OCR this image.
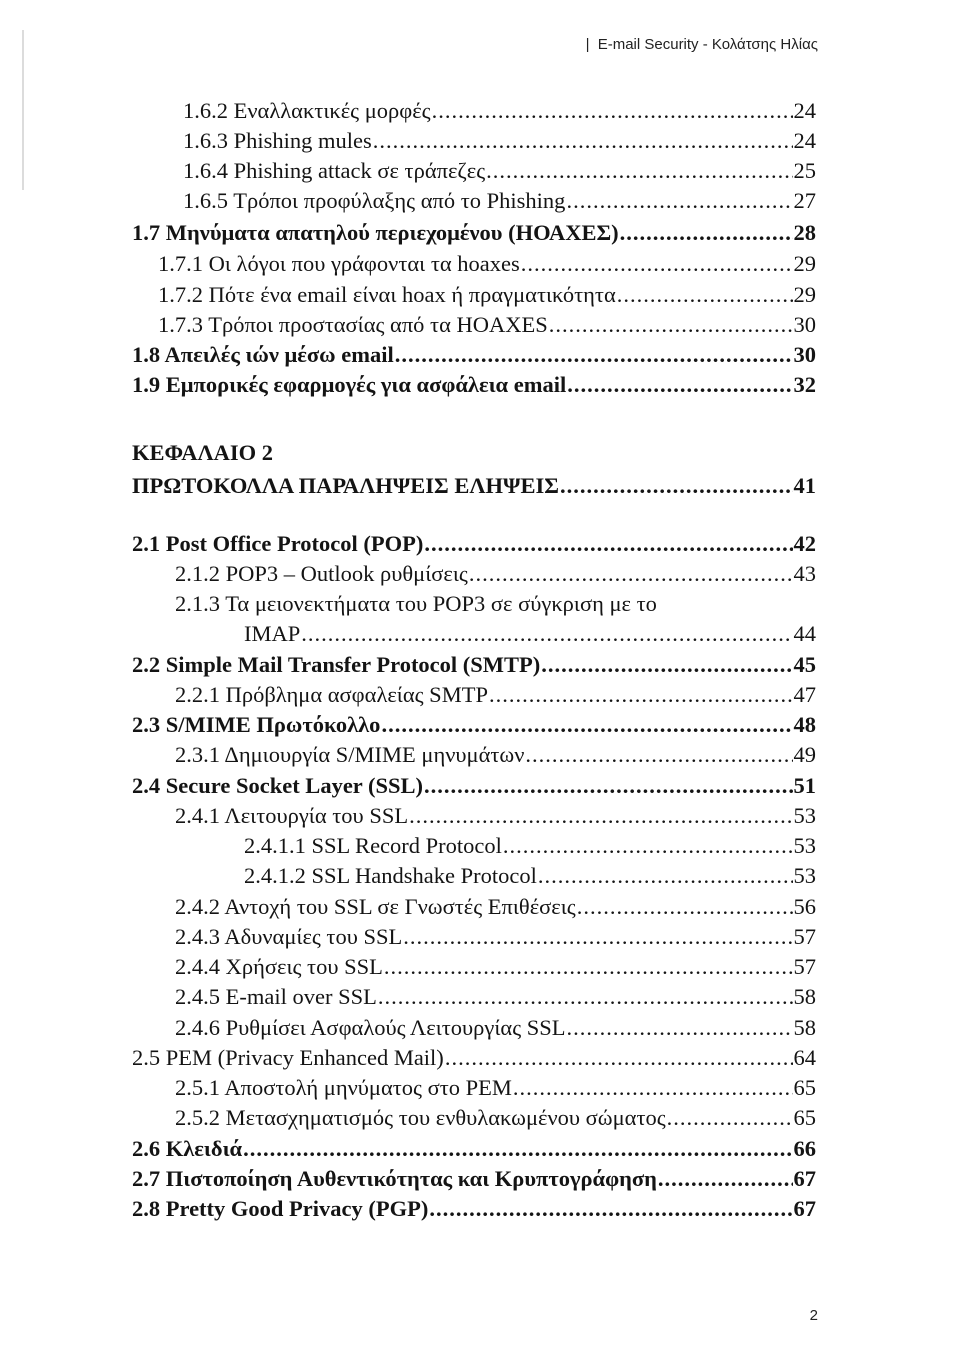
| E-mail Security - Κολάτσης Ηλίας
ΚΕΦΑΛΑΙΟ 2
1.6.2 Εναλλακτικές μορφές .....	24
1.6.3 Phishing mules .....	24
1.6.4 Phishing attack σε τράπεζες .....	25
1.6.5 Τρόποι προφύλαξης από το Phishing .....	27
1.7 Μηνύματα απατηλού περιεχομένου (ΗΟΑΧΕΣ) .....	28
1.7.1 Οι λόγοι που γράφονται τα hoaxes .....	29
1.7.2 Πότε ένα email είναι hoax ή πραγματικότητα .....	29
1.7.3 Τρόποι προστασίας από τα HOAXES .....	30
1.8 Απειλές ιών μέσω email .....	30
1.9 Εμπορικές εφαρμογές για ασφάλεια email .....	32
ΠΡΩΤΟΚΟΛΛΑ ΠΑΡΑΛΗΨΕΙΣ ΕΛΗΨΕΙΣ .....	41
2.1 Post Office Protocol (POP) .....	42
2.1.2 POP3 – Outlook ρυθμίσεις .....	43
2.1.3 Τα μειονεκτήματα του POP3 σε σύγκριση με το
IMAP .....	44
2.2 Simple Mail Transfer Protocol (SMTP) .....	45
2.2.1 Πρόβλημα ασφαλείας SMTP .....	47
2.3 S/MIME Πρωτόκολλο .....	48
2.3.1 Δημιουργία S/MIME μηνυμάτων .....	49
2.4 Secure Socket Layer (SSL) .....	51
2.4.1 Λειτουργία του SSL .....	53
2.4.1.1 SSL Record Protocol .....	53
2.4.1.2 SSL Handshake Protocol .....	53
2.4.2 Αντοχή του SSL σε Γνωστές Επιθέσεις .....	56
2.4.3 Αδυναμίες του SSL .....	57
2.4.4 Χρήσεις του SSL .....	57
2.4.5 E-mail over SSL .....	58
2.4.6 Ρυθμίσει Ασφαλούς Λειτουργίας SSL .....	58
2.5 PEM (Privacy Enhanced Mail) .....	64
2.5.1 Αποστολή μηνύματος στο PEM .....	65
2.5.2 Μετασχηματισμός του ενθυλακωμένου σώματος .....	65
2.6 Κλειδιά .....	66
2.7 Πιστοποίηση Αυθεντικότητας και Κρυπτογράφηση .....	67
2.8 Pretty Good Privacy (PGP) .....	67
2
